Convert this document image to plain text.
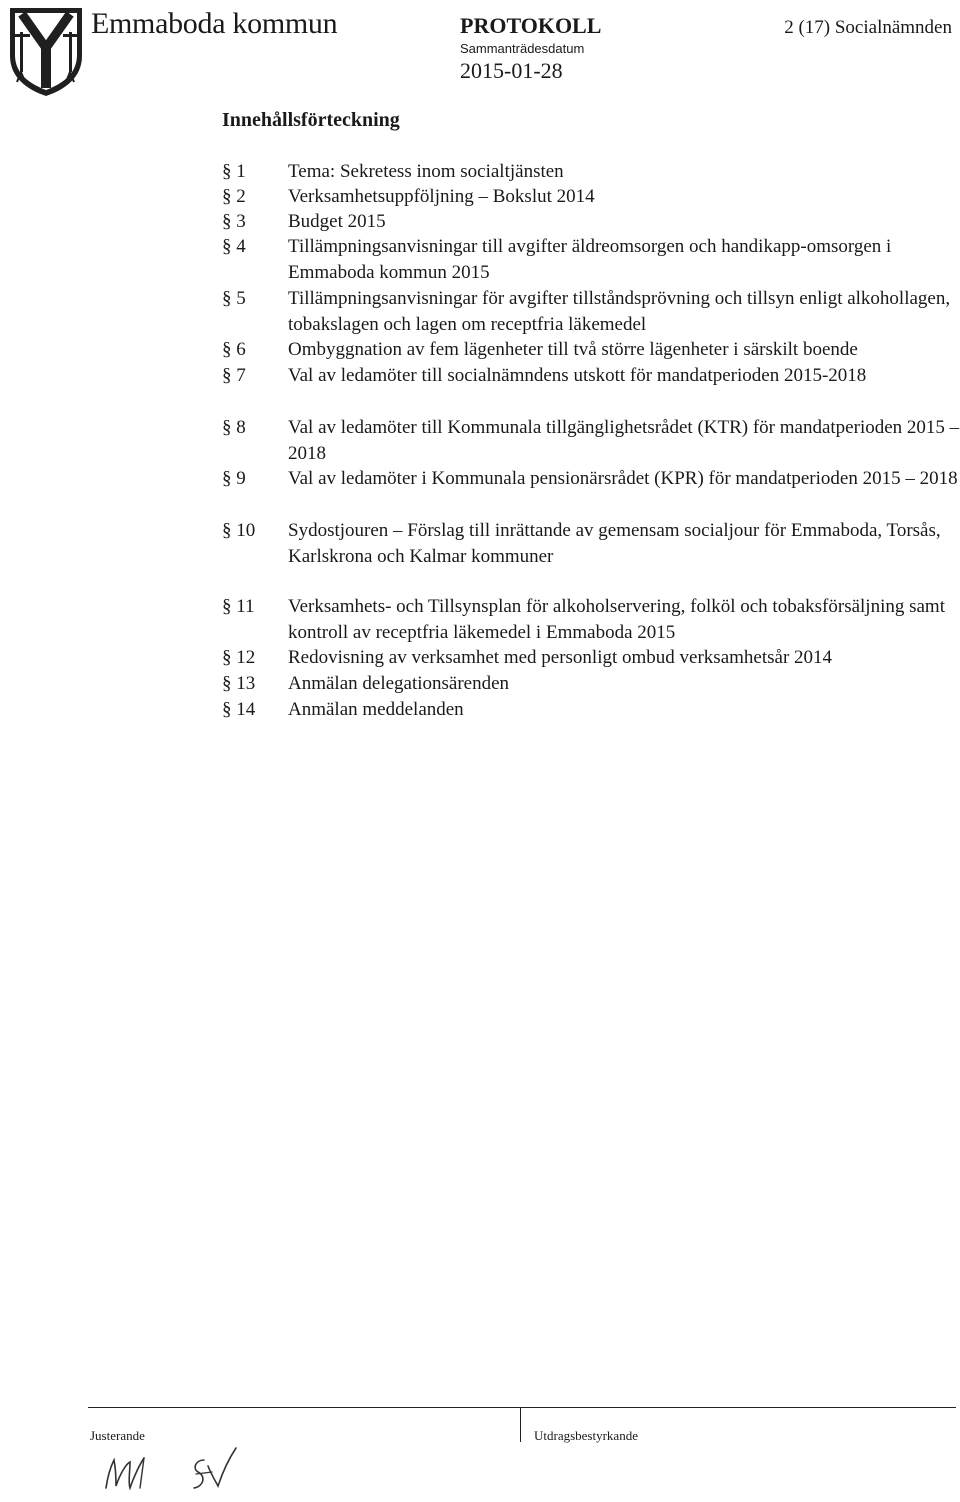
Emmaboda kommun	PROTOKOLL
Sammanträdesdatum
2015-01-28
2 (17) Socialnämnden
Innehållsförteckning
§ 1	Tema: Sekretess inom socialtjänsten
§ 2	Verksamhetsuppföljning – Bokslut 2014
§ 3	Budget 2015
§ 4	Tillämpningsanvisningar till avgifter äldreomsorgen och handikapp-omsorgen i Emmaboda kommun 2015
§ 5	Tillämpningsanvisningar för avgifter tillståndsprövning och tillsyn enligt alkohollagen, tobakslagen och lagen om receptfria läkemedel
§ 6	Ombyggnation av fem lägenheter till två större lägenheter i särskilt boende
§ 7	Val av ledamöter till socialnämndens utskott för mandatperioden 2015-2018
§ 8	Val av ledamöter till Kommunala tillgänglighetsrådet (KTR) för mandatperioden 2015 – 2018
§ 9	Val av ledamöter i Kommunala pensionärsrådet (KPR) för mandatperioden 2015 – 2018
§ 10	Sydostjouren – Förslag till inrättande av gemensam socialjour för Emmaboda, Torsås, Karlskrona och Kalmar kommuner
§ 11	Verksamhets- och Tillsynsplan för alkoholservering, folköl och tobaksförsäljning samt kontroll av receptfria läkemedel i Emmaboda 2015
§ 12	Redovisning av verksamhet med personligt ombud verksamhetsår 2014
§ 13	Anmälan delegationsärenden
§ 14	Anmälan meddelanden
Justerande	Utdragsbestyrkande
